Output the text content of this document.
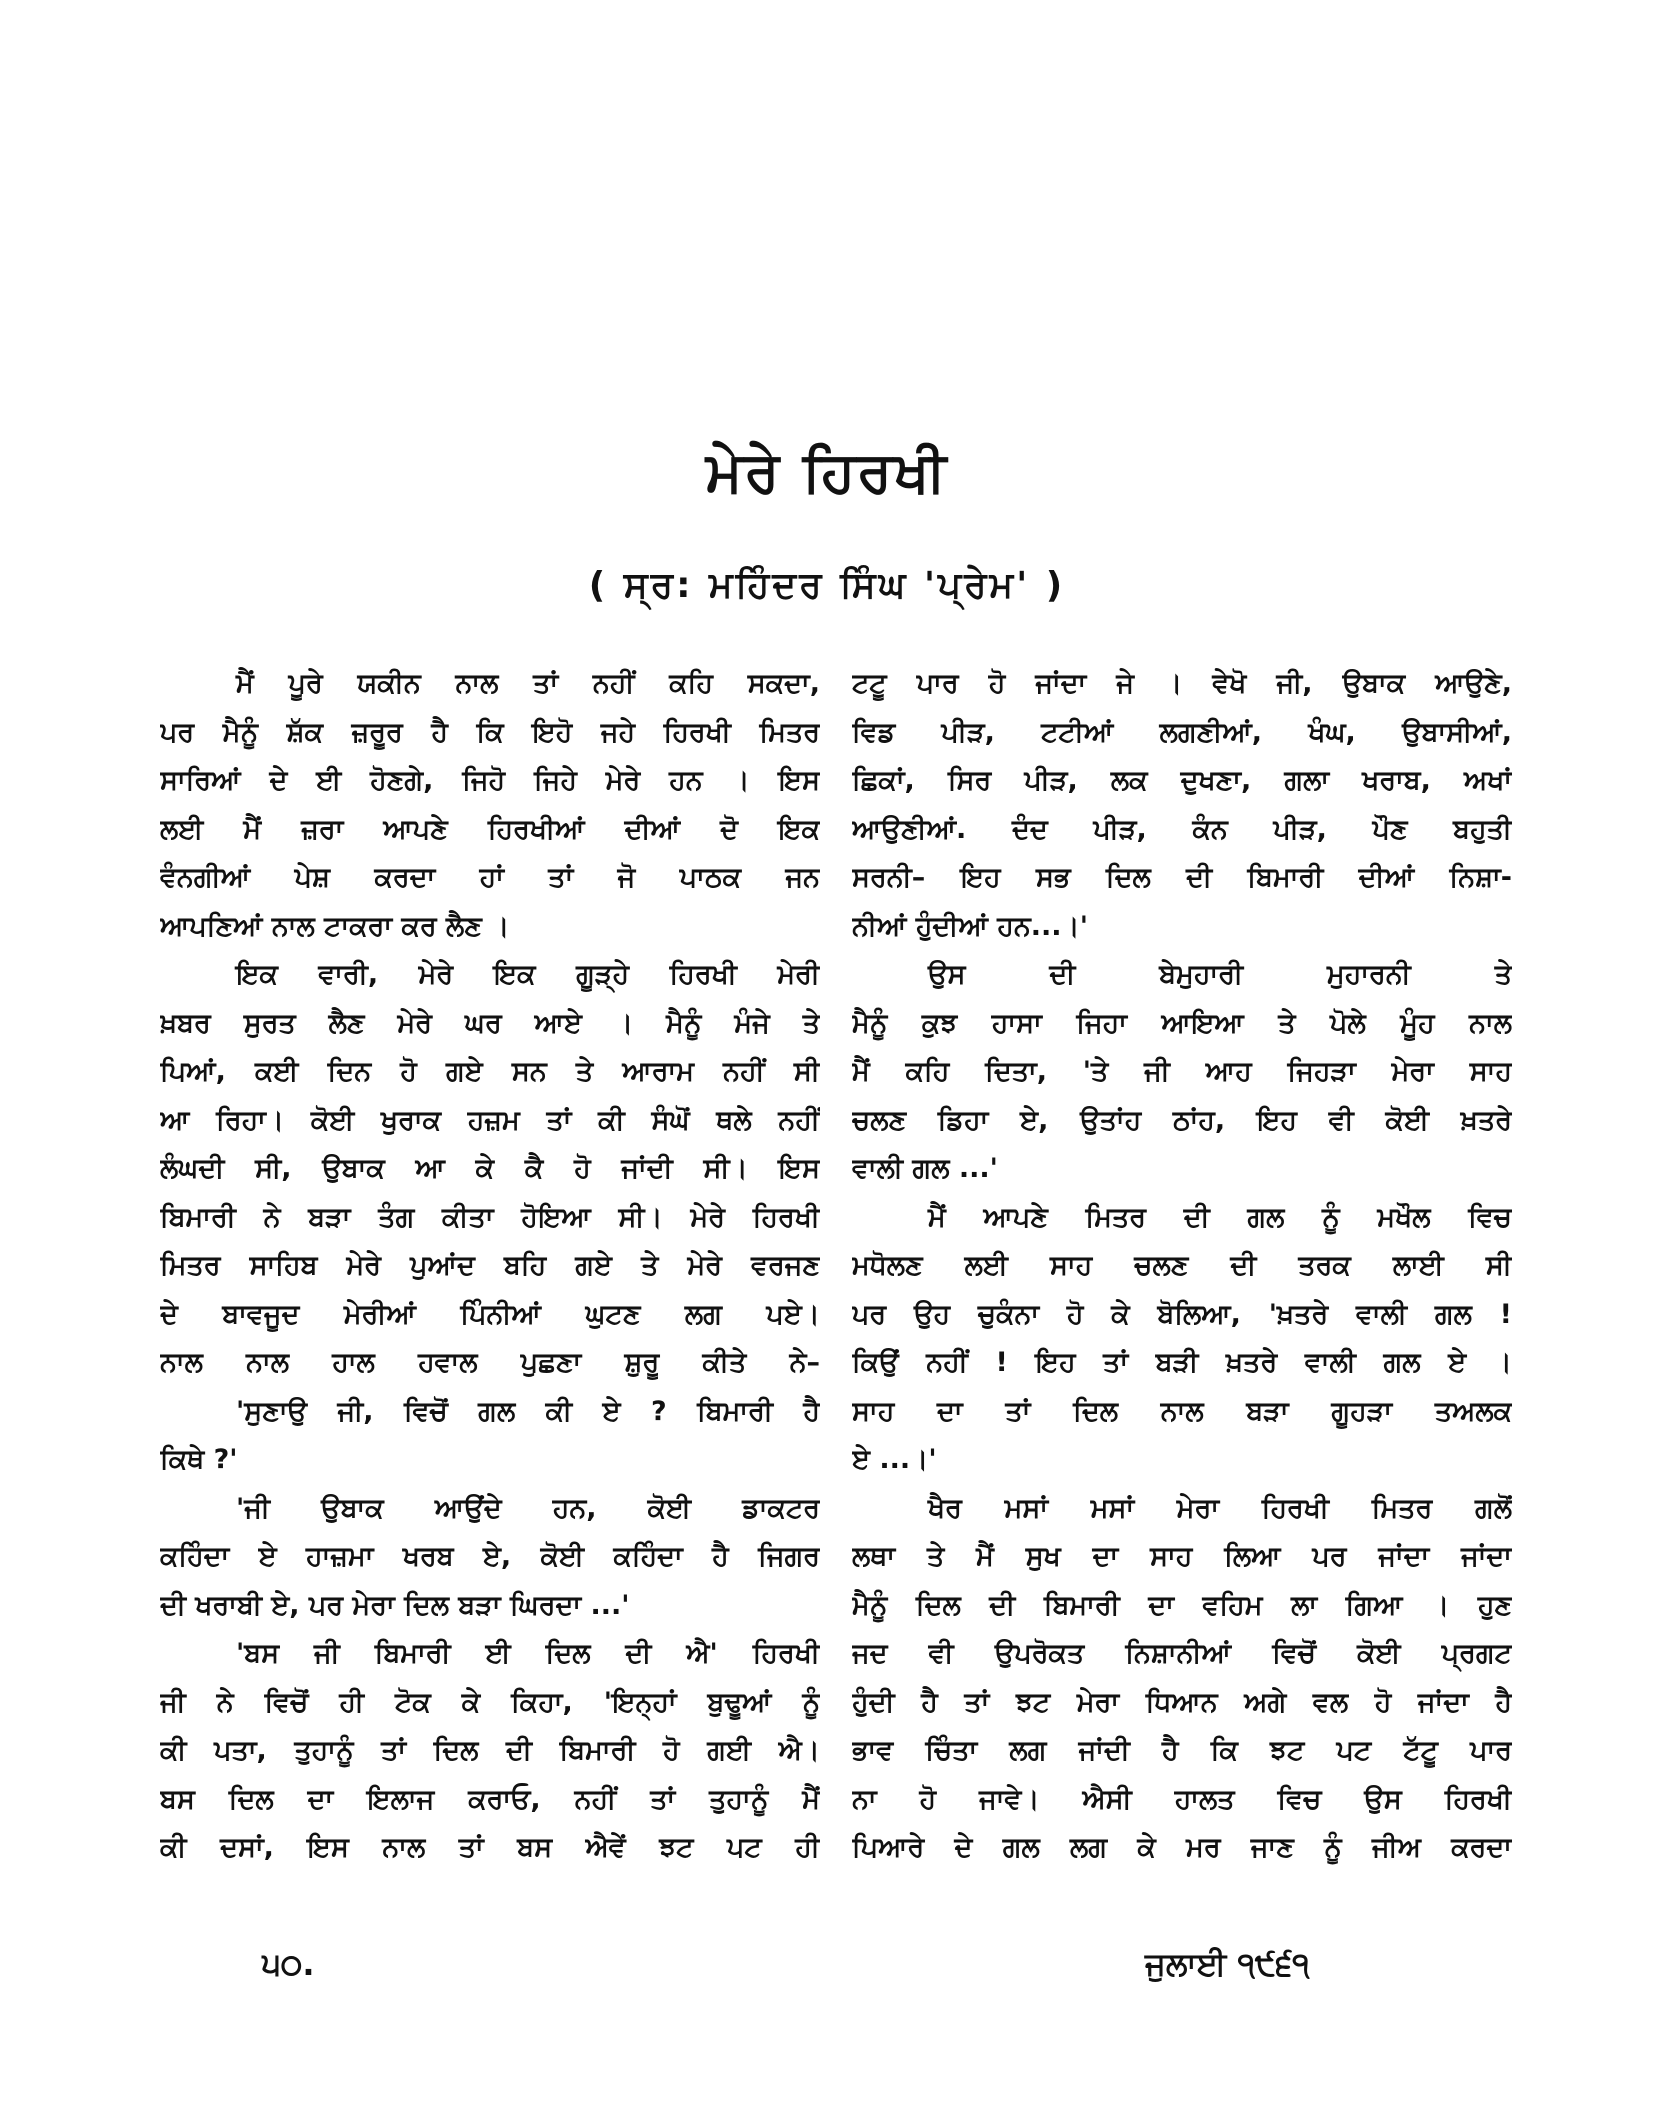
ਮੇਰੇ ਹਿਰਖੀ
( ਸ੍ਰ: ਮਹਿੰਦਰ ਸਿੰਘ 'ਪ੍ਰੇਮ' )
ਮੈਂ ਪੂਰੇ ਯਕੀਨ ਨਾਲ ਤਾਂ ਨਹੀਂ ਕਹਿ ਸਕਦਾ,
ਪਰ ਮੈਨੂੰ ਸ਼ੱਕ ਜ਼ਰੂਰ ਹੈ ਕਿ ਇਹੋ ਜਹੇ ਹਿਰਖੀ ਮਿਤਰ
ਸਾਰਿਆਂ ਦੇ ਈ ਹੋਣਗੇ, ਜਿਹੋ ਜਿਹੇ ਮੇਰੇ ਹਨ । ਇਸ
ਲਈ ਮੈਂ ਜ਼ਰਾ ਆਪਣੇ ਹਿਰਖੀਆਂ ਦੀਆਂ ਦੋ ਇਕ
ਵੰਨਗੀਆਂ ਪੇਸ਼ ਕਰਦਾ ਹਾਂ ਤਾਂ ਜੋ ਪਾਠਕ ਜਨ
ਆਪਣਿਆਂ ਨਾਲ ਟਾਕਰਾ ਕਰ ਲੈਣ ।
ਇਕ ਵਾਰੀ, ਮੇਰੇ ਇਕ ਗੂੜ੍ਹੇ ਹਿਰਖੀ ਮੇਰੀ
ਖ਼ਬਰ ਸੁਰਤ ਲੈਣ ਮੇਰੇ ਘਰ ਆਏ । ਮੈਨੂੰ ਮੰਜੇ ਤੇ
ਪਿਆਂ, ਕਈ ਦਿਨ ਹੋ ਗਏ ਸਨ ਤੇ ਆਰਾਮ ਨਹੀਂ ਸੀ
ਆ ਰਿਹਾ। ਕੋਈ ਖੁਰਾਕ ਹਜ਼ਮ ਤਾਂ ਕੀ ਸੰਘੋਂ ਥਲੇ ਨਹੀਂ
ਲੰਘਦੀ ਸੀ, ਉਬਾਕ ਆ ਕੇ ਕੈ ਹੋ ਜਾਂਦੀ ਸੀ। ਇਸ
ਬਿਮਾਰੀ ਨੇ ਬੜਾ ਤੰਗ ਕੀਤਾ ਹੋਇਆ ਸੀ। ਮੇਰੇ ਹਿਰਖੀ
ਮਿਤਰ ਸਾਹਿਬ ਮੇਰੇ ਪੁਆਂਦ ਬਹਿ ਗਏ ਤੇ ਮੇਰੇ ਵਰਜਣ
ਦੇ ਬਾਵਜੂਦ ਮੇਰੀਆਂ ਪਿੰਨੀਆਂ ਘੁਟਣ ਲਗ ਪਏ।
ਨਾਲ ਨਾਲ ਹਾਲ ਹਵਾਲ ਪੁਛਣਾ ਸ਼ੁਰੂ ਕੀਤੇ ਨੇ–
'ਸੁਣਾਉ ਜੀ, ਵਿਚੋਂ ਗਲ ਕੀ ਏ ? ਬਿਮਾਰੀ ਹੈ
ਕਿਥੇ ?'
'ਜੀ ਉਬਾਕ ਆਉਂਦੇ ਹਨ, ਕੋਈ ਡਾਕਟਰ
ਕਹਿੰਦਾ ਏ ਹਾਜ਼ਮਾ ਖਰਬ ਏ, ਕੋਈ ਕਹਿੰਦਾ ਹੈ ਜਿਗਰ
ਦੀ ਖਰਾਬੀ ਏ, ਪਰ ਮੇਰਾ ਦਿਲ ਬੜਾ ਘਿਰਦਾ ...'
'ਬਸ ਜੀ ਬਿਮਾਰੀ ਈ ਦਿਲ ਦੀ ਐ' ਹਿਰਖੀ
ਜੀ ਨੇ ਵਿਚੋਂ ਹੀ ਟੋਕ ਕੇ ਕਿਹਾ, 'ਇਨ੍ਹਾਂ ਬੁਢੂਆਂ ਨੂੰ
ਕੀ ਪਤਾ, ਤੁਹਾਨੂੰ ਤਾਂ ਦਿਲ ਦੀ ਬਿਮਾਰੀ ਹੋ ਗਈ ਐ।
ਬਸ ਦਿਲ ਦਾ ਇਲਾਜ ਕਰਾਓ, ਨਹੀਂ ਤਾਂ ਤੁਹਾਨੂੰ ਮੈਂ
ਕੀ ਦਸਾਂ, ਇਸ ਨਾਲ ਤਾਂ ਬਸ ਐਵੇਂ ਝਟ ਪਟ ਹੀ
ਟਟੂ ਪਾਰ ਹੋ ਜਾਂਦਾ ਜੇ । ਵੇਖੋ ਜੀ, ਉਬਾਕ ਆਉਣੇ,
ਵਿਡ ਪੀੜ, ਟਟੀਆਂ ਲਗਣੀਆਂ, ਖੰਘ, ਉਬਾਸੀਆਂ,
ਛਿਕਾਂ, ਸਿਰ ਪੀੜ, ਲਕ ਦੁਖਣਾ, ਗਲਾ ਖਰਾਬ, ਅਖਾਂ
ਆਉਣੀਆਂ. ਦੰਦ ਪੀੜ, ਕੰਨ ਪੀੜ, ਪੌਣ ਬਹੁਤੀ
ਸਰਨੀ– ਇਹ ਸਭ ਦਿਲ ਦੀ ਬਿਮਾਰੀ ਦੀਆਂ ਨਿਸ਼ਾ-
ਨੀਆਂ ਹੁੰਦੀਆਂ ਹਨ...।'
ਉਸ ਦੀ ਬੇਮੁਹਾਰੀ ਮੁਹਾਰਨੀ ਤੇ
ਮੈਨੂੰ ਕੁਝ ਹਾਸਾ ਜਿਹਾ ਆਇਆ ਤੇ ਪੋਲੇ ਮੂੰਹ ਨਾਲ
ਮੈਂ ਕਹਿ ਦਿਤਾ, 'ਤੇ ਜੀ ਆਹ ਜਿਹੜਾ ਮੇਰਾ ਸਾਹ
ਚਲਣ ਡਿਹਾ ਏ, ਉਤਾਂਹ ਠਾਂਹ, ਇਹ ਵੀ ਕੋਈ ਖ਼ਤਰੇ
ਵਾਲੀ ਗਲ ...'
ਮੈਂ ਆਪਣੇ ਮਿਤਰ ਦੀ ਗਲ ਨੂੰ ਮਖੌਲ ਵਿਚ
ਮਧੋਲਣ ਲਈ ਸਾਹ ਚਲਣ ਦੀ ਤਰਕ ਲਾਈ ਸੀ
ਪਰ ਉਹ ਚੁਕੰਨਾ ਹੋ ਕੇ ਬੋਲਿਆ, 'ਖ਼ਤਰੇ ਵਾਲੀ ਗਲ !
ਕਿਉਂ ਨਹੀਂ ! ਇਹ ਤਾਂ ਬੜੀ ਖ਼ਤਰੇ ਵਾਲੀ ਗਲ ਏ ।
ਸਾਹ ਦਾ ਤਾਂ ਦਿਲ ਨਾਲ ਬੜਾ ਗੂਹੜਾ ਤਅਲਕ
ਏ ...।'
ਖੈਰ ਮਸਾਂ ਮਸਾਂ ਮੇਰਾ ਹਿਰਖੀ ਮਿਤਰ ਗਲੋਂ
ਲਥਾ ਤੇ ਮੈਂ ਸੁਖ ਦਾ ਸਾਹ ਲਿਆ ਪਰ ਜਾਂਦਾ ਜਾਂਦਾ
ਮੈਨੂੰ ਦਿਲ ਦੀ ਬਿਮਾਰੀ ਦਾ ਵਹਿਮ ਲਾ ਗਿਆ । ਹੁਣ
ਜਦ ਵੀ ਉਪਰੋਕਤ ਨਿਸ਼ਾਨੀਆਂ ਵਿਚੋਂ ਕੋਈ ਪ੍ਰਗਟ
ਹੁੰਦੀ ਹੈ ਤਾਂ ਝਟ ਮੇਰਾ ਧਿਆਨ ਅਗੇ ਵਲ ਹੋ ਜਾਂਦਾ ਹੈ
ਭਾਵ ਚਿੰਤਾ ਲਗ ਜਾਂਦੀ ਹੈ ਕਿ ਝਟ ਪਟ ਟੱਟੂ ਪਾਰ
ਨਾ ਹੋ ਜਾਵੇ। ਐਸੀ ਹਾਲਤ ਵਿਚ ਉਸ ਹਿਰਖੀ
ਪਿਆਰੇ ਦੇ ਗਲ ਲਗ ਕੇ ਮਰ ਜਾਣ ਨੂੰ ਜੀਅ ਕਰਦਾ
੫੦.	ਜੁਲਾਈ ੧੯੬੧
